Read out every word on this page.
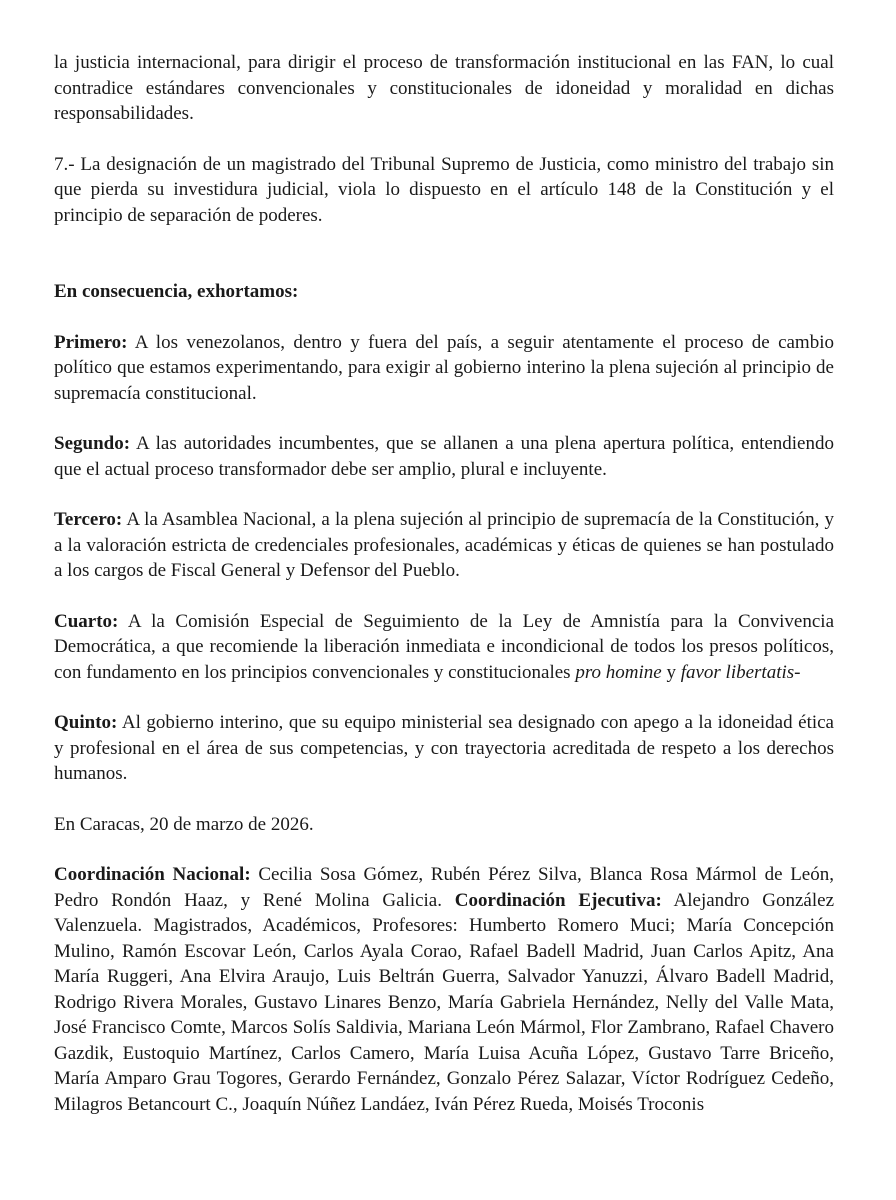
la justicia internacional, para dirigir el proceso de transformación institucional en las FAN, lo cual contradice estándares convencionales y constitucionales de idoneidad y moralidad en dichas responsabilidades.

7.- La designación de un magistrado del Tribunal Supremo de Justicia, como ministro del trabajo sin que pierda su investidura judicial, viola lo dispuesto en el artículo 148 de la Constitución y el principio de separación de poderes.

En consecuencia, exhortamos:

Primero: A los venezolanos, dentro y fuera del país, a seguir atentamente el proceso de cambio político que estamos experimentando, para exigir al gobierno interino la plena sujeción al principio de supremacía constitucional.

Segundo: A las autoridades incumbentes, que se allanen a una plena apertura política, entendiendo que el actual proceso transformador debe ser amplio, plural e incluyente.

Tercero: A la Asamblea Nacional, a la plena sujeción al principio de supremacía de la Constitución, y a la valoración estricta de credenciales profesionales, académicas y éticas de quienes se han postulado a los cargos de Fiscal General y Defensor del Pueblo.

Cuarto: A la Comisión Especial de Seguimiento de la Ley de Amnistía para la Convivencia Democrática, a que recomiende la liberación inmediata e incondicional de todos los presos políticos, con fundamento en los principios convencionales y constitucionales pro homine y favor libertatis-

Quinto: Al gobierno interino, que su equipo ministerial sea designado con apego a la idoneidad ética y profesional en el área de sus competencias, y con trayectoria acreditada de respeto a los derechos humanos.

En Caracas, 20 de marzo de 2026.

Coordinación Nacional: Cecilia Sosa Gómez, Rubén Pérez Silva, Blanca Rosa Mármol de León, Pedro Rondón Haaz, y René Molina Galicia. Coordinación Ejecutiva: Alejandro González Valenzuela. Magistrados, Académicos, Profesores: Humberto Romero Muci; María Concepción Mulino, Ramón Escovar León, Carlos Ayala Corao, Rafael Badell Madrid, Juan Carlos Apitz, Ana María Ruggeri, Ana Elvira Araujo, Luis Beltrán Guerra, Salvador Yanuzzi, Álvaro Badell Madrid, Rodrigo Rivera Morales, Gustavo Linares Benzo, María Gabriela Hernández, Nelly del Valle Mata, José Francisco Comte, Marcos Solís Saldivia, Mariana León Mármol, Flor Zambrano, Rafael Chavero Gazdik, Eustoquio Martínez, Carlos Camero, María Luisa Acuña López, Gustavo Tarre Briceño, María Amparo Grau Togores, Gerardo Fernández, Gonzalo Pérez Salazar, Víctor Rodríguez Cedeño, Milagros Betancourt C., Joaquín Núñez Landáez, Iván Pérez Rueda, Moisés Troconis
